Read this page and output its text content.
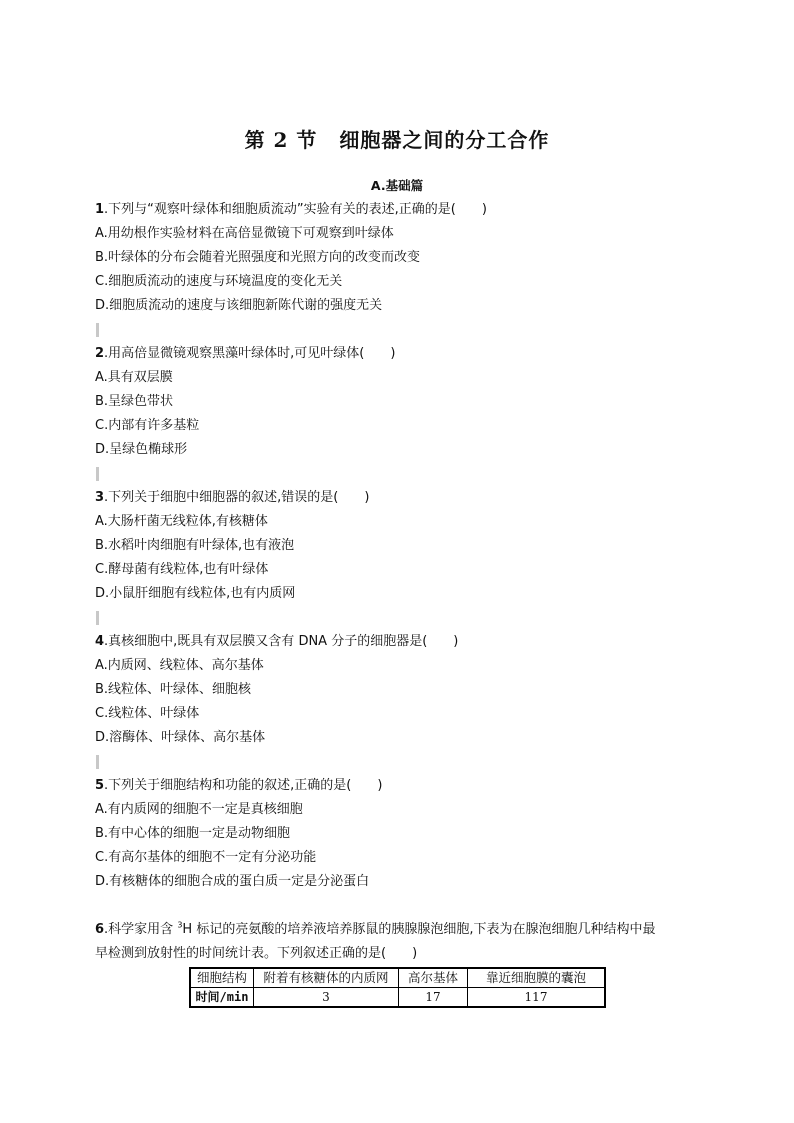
第 2 节 细胞器之间的分工合作
A.基础篇
1.下列与“观察叶绿体和细胞质流动”实验有关的表述,正确的是(　　)
A.用幼根作实验材料在高倍显微镜下可观察到叶绿体
B.叶绿体的分布会随着光照强度和光照方向的改变而改变
C.细胞质流动的速度与环境温度的变化无关
D.细胞质流动的速度与该细胞新陈代谢的强度无关
2.用高倍显微镜观察黑藻叶绿体时,可见叶绿体(　　)
A.具有双层膜
B.呈绿色带状
C.内部有许多基粒
D.呈绿色椭球形
3.下列关于细胞中细胞器的叙述,错误的是(　　)
A.大肠杆菌无线粒体,有核糖体
B.水稻叶肉细胞有叶绿体,也有液泡
C.酵母菌有线粒体,也有叶绿体
D.小鼠肝细胞有线粒体,也有内质网
4.真核细胞中,既具有双层膜又含有 DNA 分子的细胞器是(　　)
A.内质网、线粒体、高尔基体
B.线粒体、叶绿体、细胞核
C.线粒体、叶绿体
D.溶酶体、叶绿体、高尔基体
5.下列关于细胞结构和功能的叙述,正确的是(　　)
A.有内质网的细胞不一定是真核细胞
B.有中心体的细胞一定是动物细胞
C.有高尔基体的细胞不一定有分泌功能
D.有核糖体的细胞合成的蛋白质一定是分泌蛋白
6.科学家用含 $^3$H 标记的亮氨酸的培养液培养豚鼠的胰腺腺泡细胞,下表为在腺泡细胞几种结构中最
早检测到放射性的时间统计表。下列叙述正确的是(　　)
细胞结构	附着有核糖体的内质网	高尔基体	靠近细胞膜的囊泡
时间/min	3	17	117
